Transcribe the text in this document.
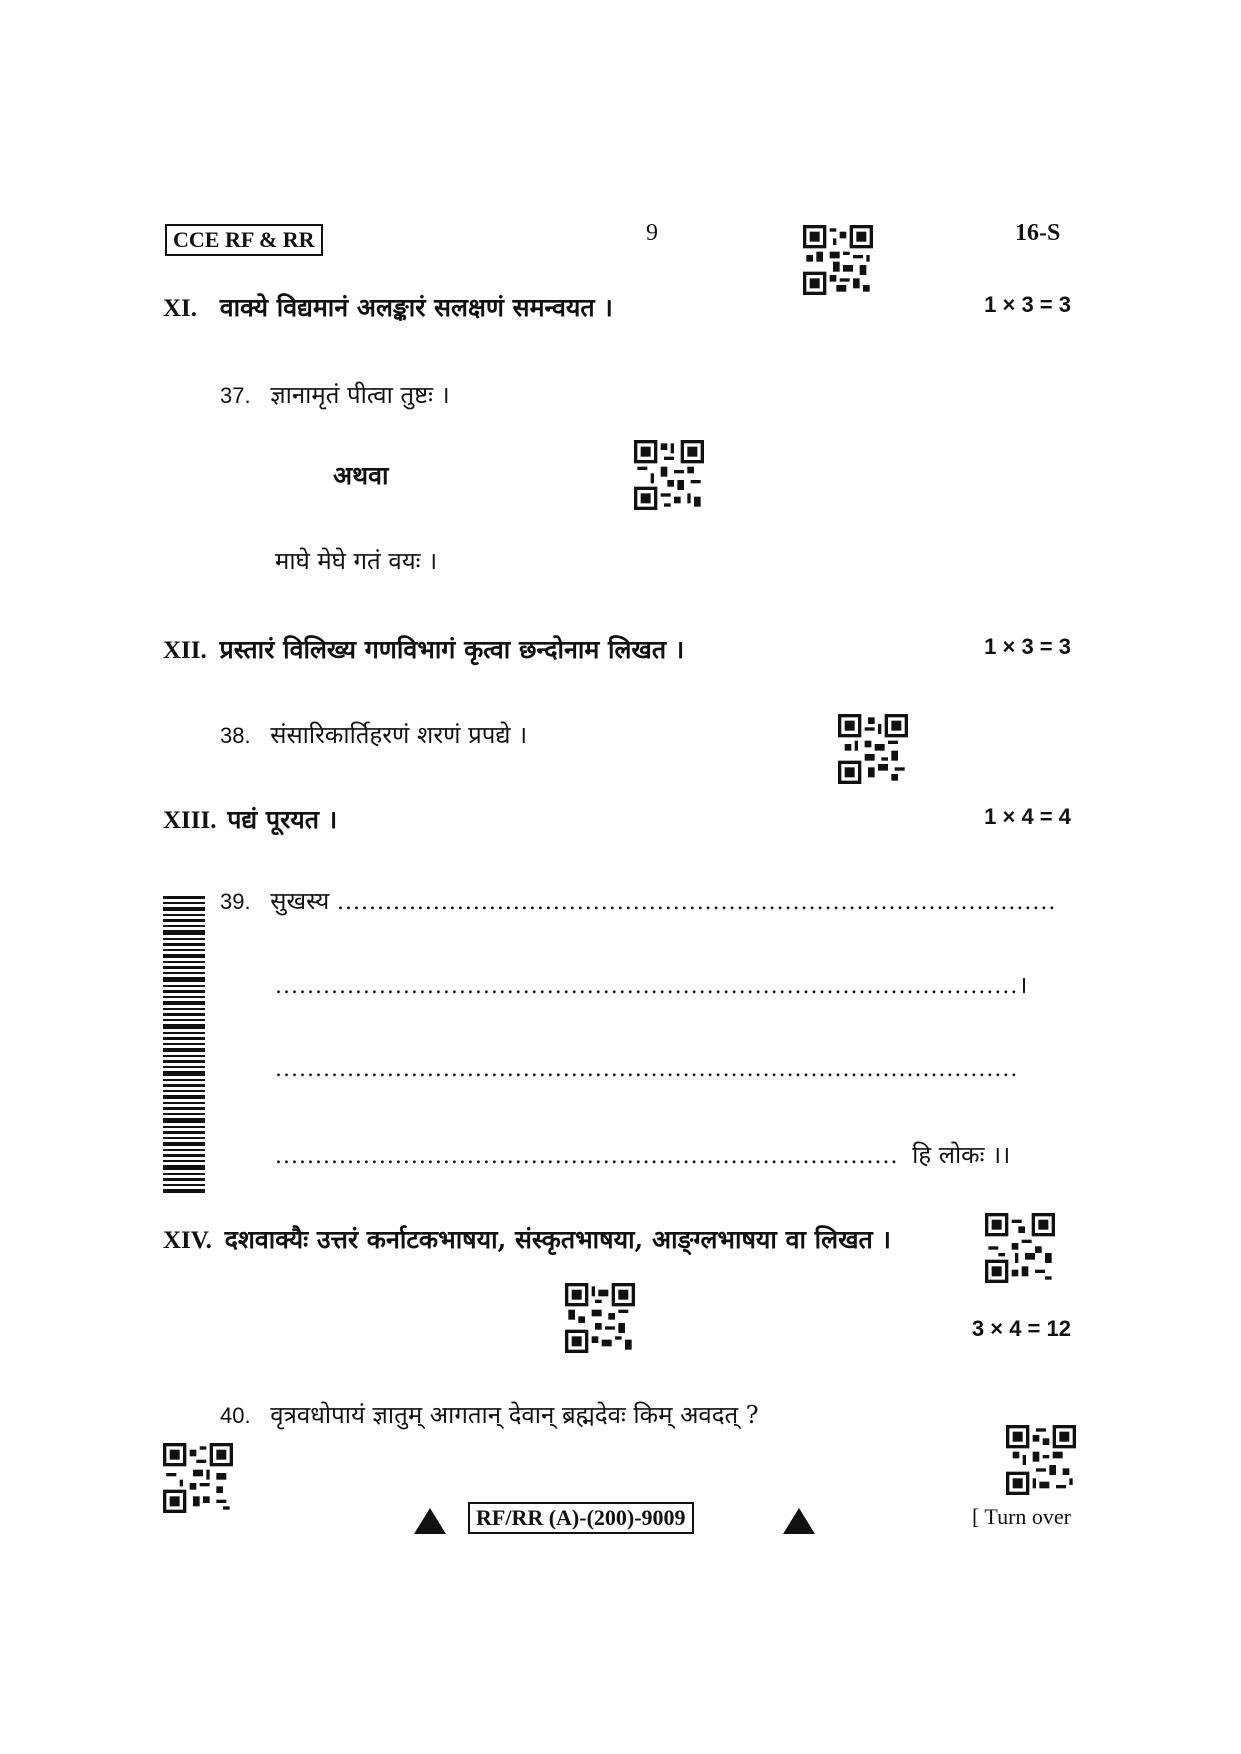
CCE RF & RR	9	16-S
XI. वाक्ये विद्यमानं अलङ्कारं सलक्षणं समन्वयत ।	1 × 3 = 3
37. ज्ञानामृतं पीत्वा तुष्टः ।
अथवा
माघे मेघे गतं वयः ।
XII. प्रस्तारं विलिख्य गणविभागं कृत्वा छन्दोनाम लिखत ।	1 × 3 = 3
38. संसारिकार्तिहरणं शरणं प्रपद्ये ।
XIII. पद्यं पूरयत ।	1 × 4 = 4
39. सुखस्य ..........................................................................................
.............................................................................................।
.............................................................................................
.............................................................................. हि लोकः ।।
XIV. दशवाक्यैः उत्तरं कर्नाटकभाषया, संस्कृतभाषया, आङ्ग्लभाषया वा लिखत ।
3 × 4 = 12
40. वृत्रवधोपायं ज्ञातुम् आगतान् देवान् ब्रह्मदेवः किम् अवदत् ?
RF/RR (A)-(200)-9009	[ Turn over
